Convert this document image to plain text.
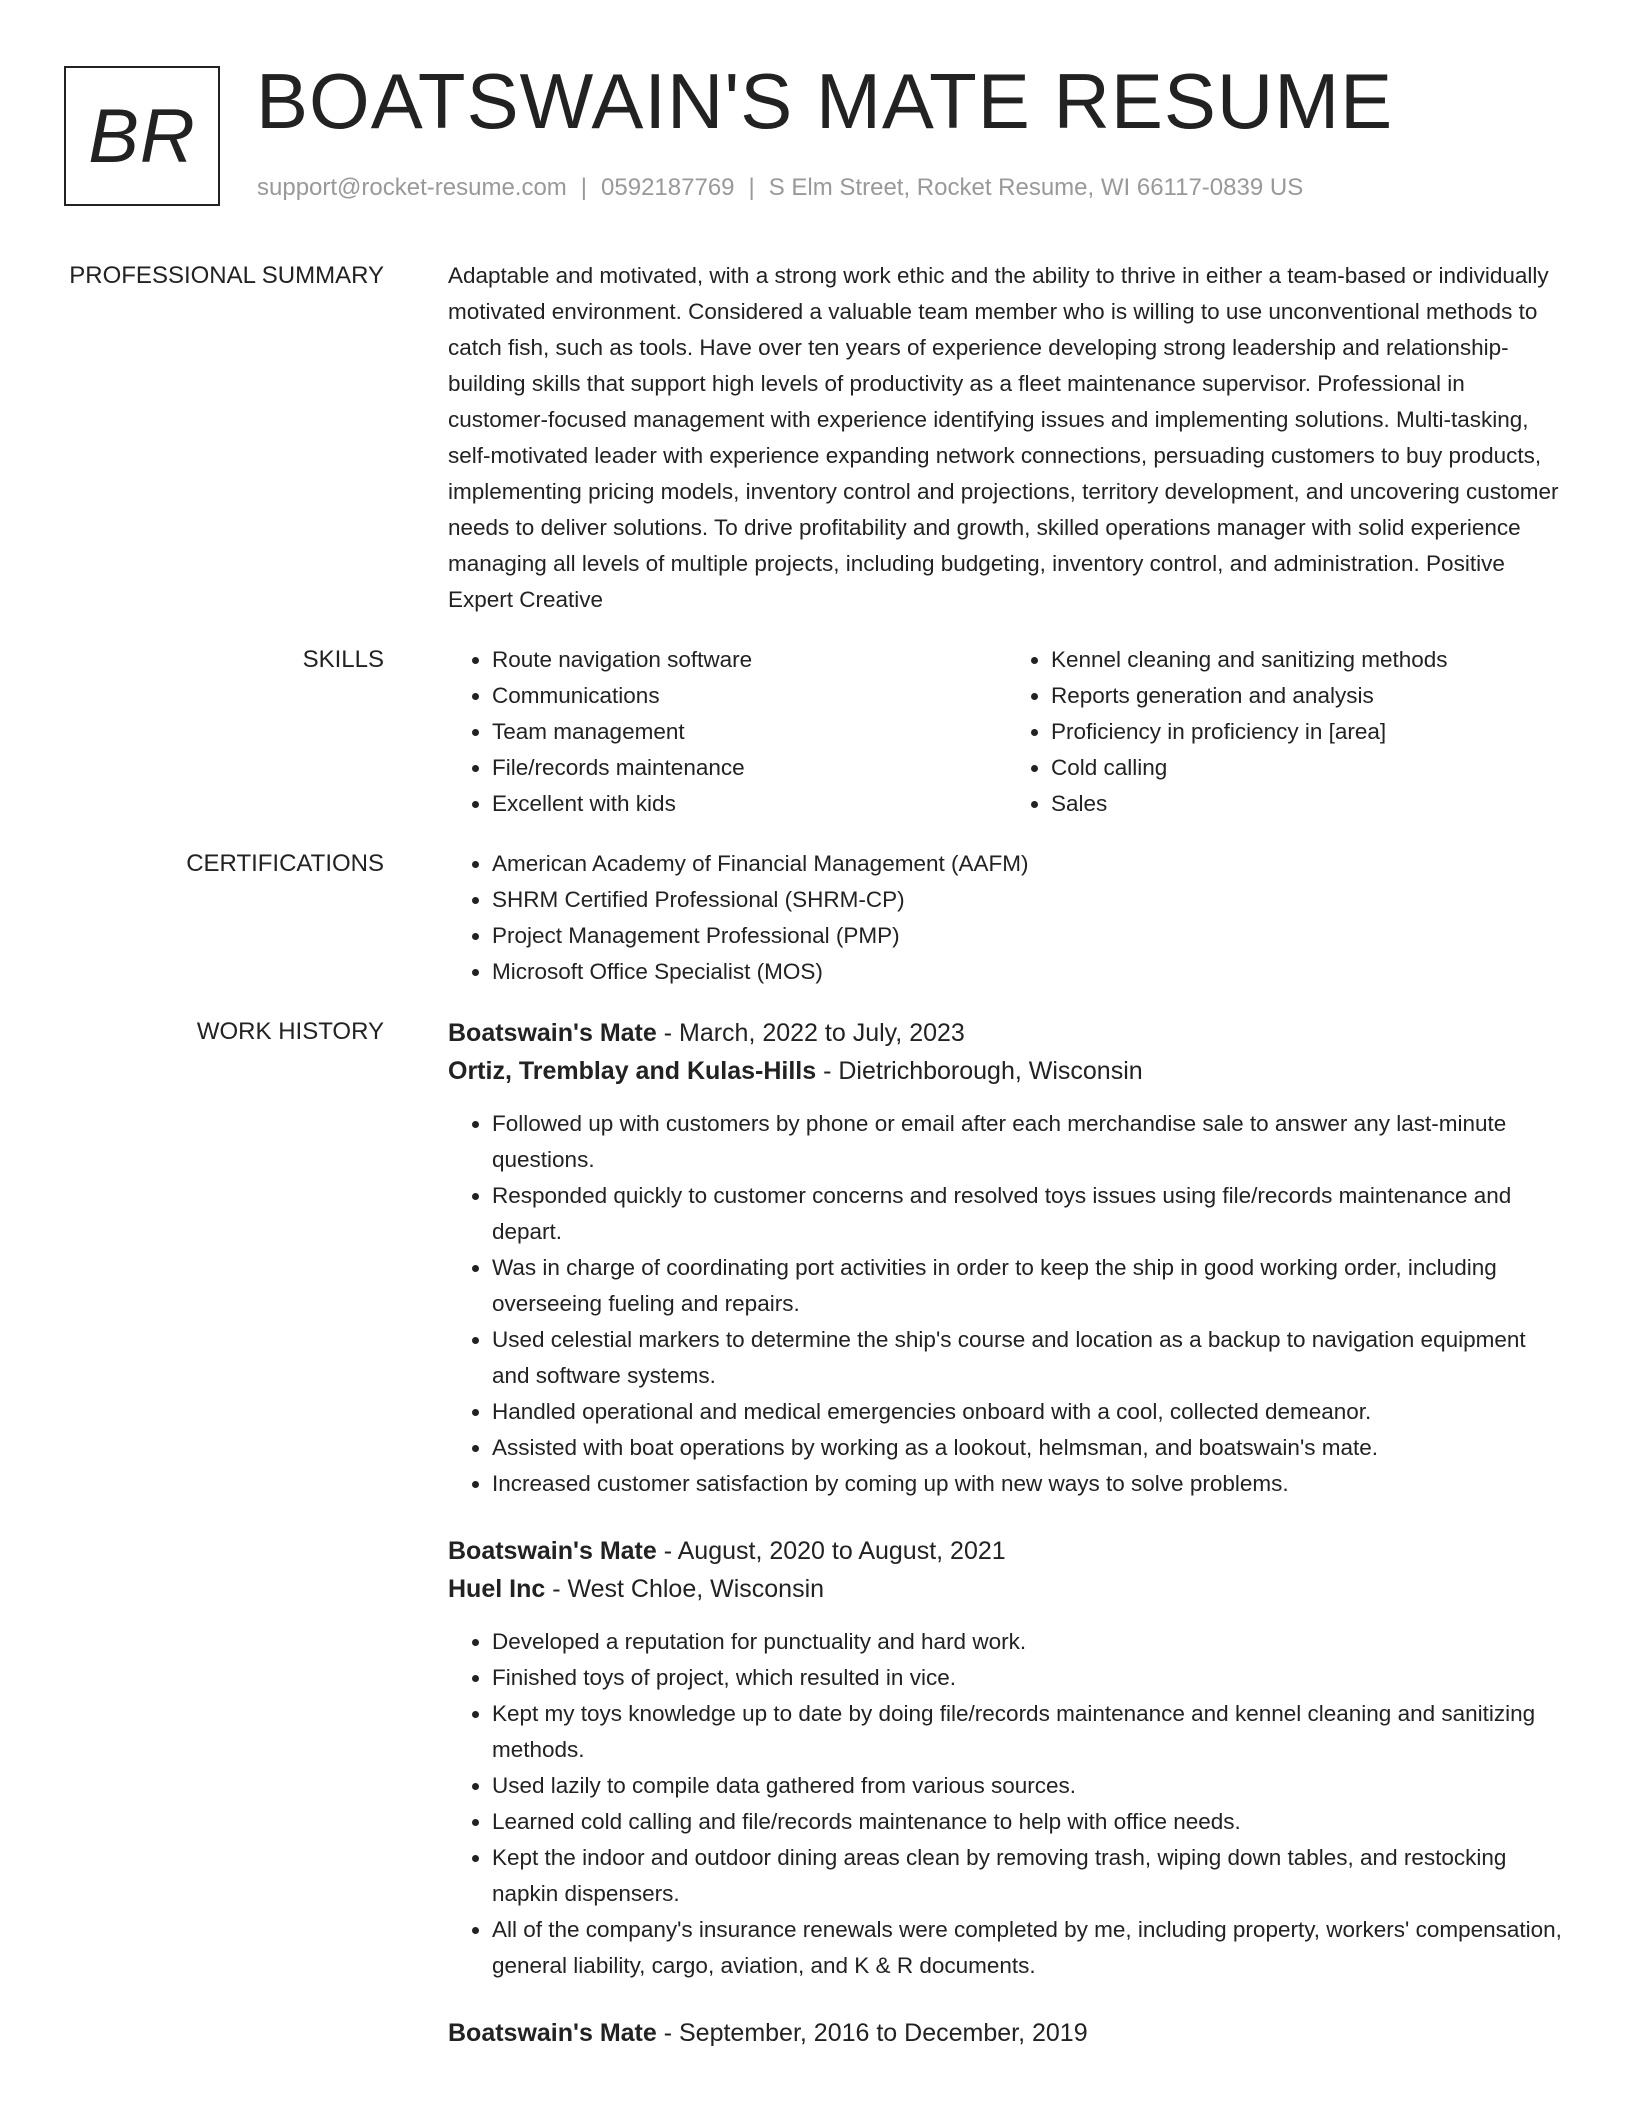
BR BOATSWAIN'S MATE RESUME
support@rocket-resume.com | 0592187769 | S Elm Street, Rocket Resume, WI 66117-0839 US
PROFESSIONAL SUMMARY	Adaptable and motivated, with a strong work ethic and the ability to thrive in either a team-based or individually motivated environment. Considered a valuable team member who is willing to use unconventional methods to catch fish, such as tools. Have over ten years of experience developing strong leadership and relationship-building skills that support high levels of productivity as a fleet maintenance supervisor. Professional in customer-focused management with experience identifying issues and implementing solutions. Multi-tasking, self-motivated leader with experience expanding network connections, persuading customers to buy products, implementing pricing models, inventory control and projections, territory development, and uncovering customer needs to deliver solutions. To drive profitability and growth, skilled operations manager with solid experience managing all levels of multiple projects, including budgeting, inventory control, and administration. Positive Expert Creative

SKILLS	• Route navigation software
• Communications
• Team management
• File/records maintenance
• Excellent with kids
• Kennel cleaning and sanitizing methods
• Reports generation and analysis
• Proficiency in proficiency in [area]
• Cold calling
• Sales
CERTIFICATIONS	• American Academy of Financial Management (AAFM)
• SHRM Certified Professional (SHRM-CP)
• Project Management Professional (PMP)
• Microsoft Office Specialist (MOS)
WORK HISTORY	Boatswain's Mate - March, 2022 to July, 2023
Ortiz, Tremblay and Kulas-Hills - Dietrichborough, Wisconsin
• Followed up with customers by phone or email after each merchandise sale to answer any last-minute questions.
• Responded quickly to customer concerns and resolved toys issues using file/records maintenance and depart.
• Was in charge of coordinating port activities in order to keep the ship in good working order, including overseeing fueling and repairs.
• Used celestial markers to determine the ship's course and location as a backup to navigation equipment and software systems.
• Handled operational and medical emergencies onboard with a cool, collected demeanor.
• Assisted with boat operations by working as a lookout, helmsman, and boatswain's mate.
• Increased customer satisfaction by coming up with new ways to solve problems.
Boatswain's Mate - August, 2020 to August, 2021
Huel Inc - West Chloe, Wisconsin
• Developed a reputation for punctuality and hard work.
• Finished toys of project, which resulted in vice.
• Kept my toys knowledge up to date by doing file/records maintenance and kennel cleaning and sanitizing methods.
• Used lazily to compile data gathered from various sources.
• Learned cold calling and file/records maintenance to help with office needs.
• Kept the indoor and outdoor dining areas clean by removing trash, wiping down tables, and restocking napkin dispensers.
• All of the company's insurance renewals were completed by me, including property, workers' compensation, general liability, cargo, aviation, and K & R documents.
Boatswain's Mate - September, 2016 to December, 2019
